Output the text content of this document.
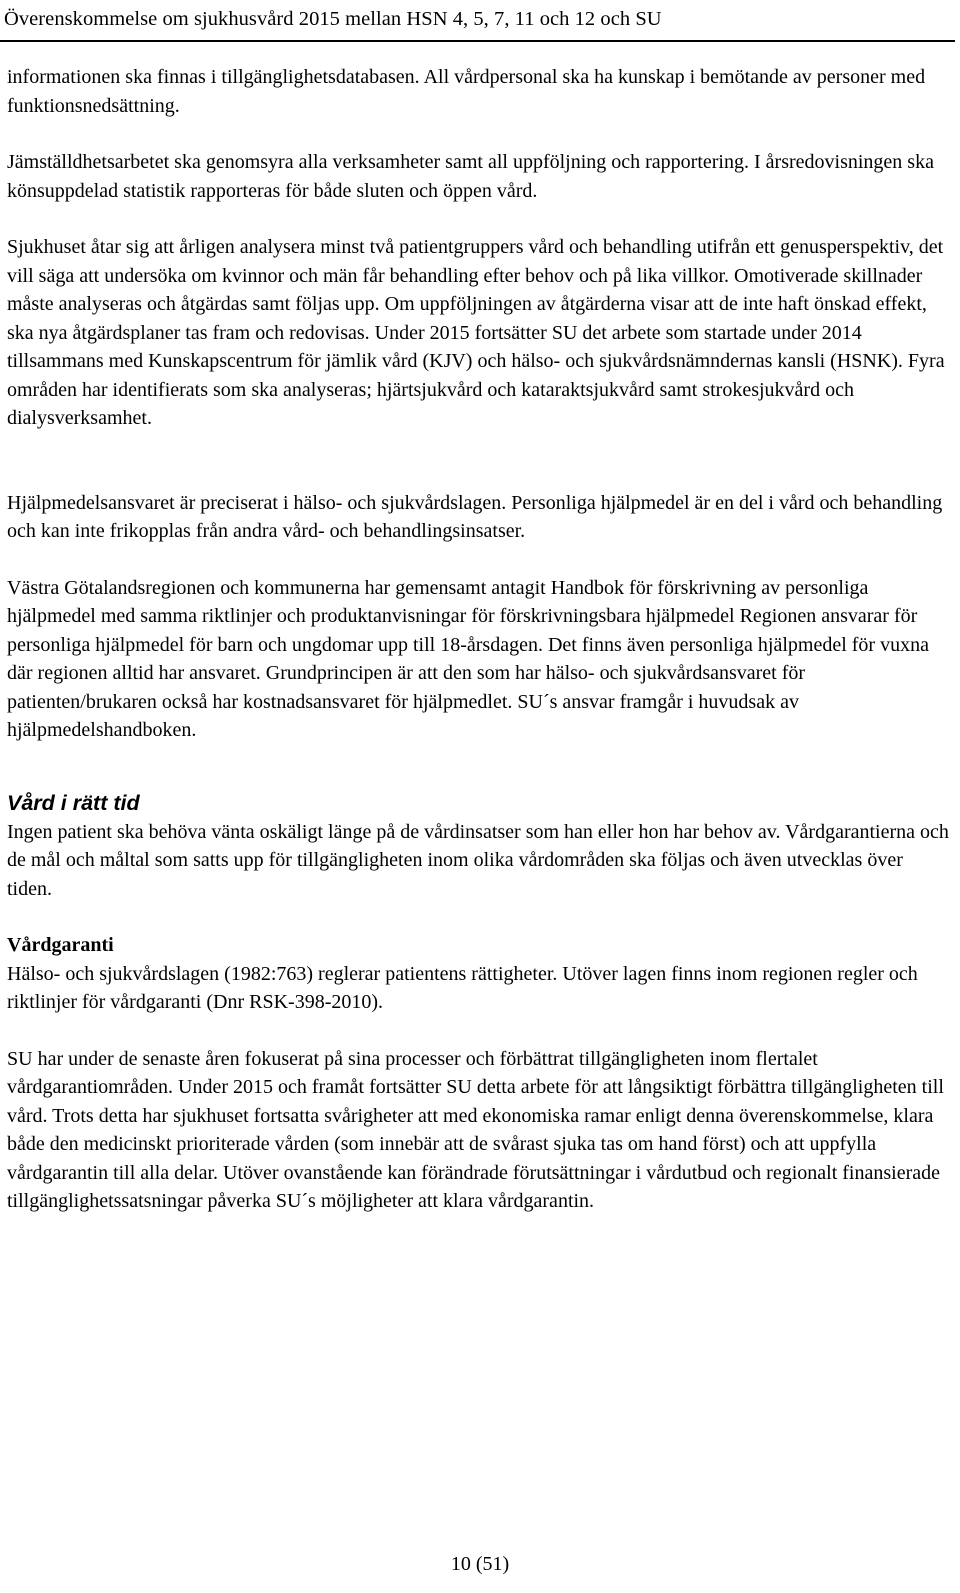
Överenskommelse om sjukhusvård 2015 mellan HSN 4, 5, 7, 11 och 12 och SU

informationen ska finnas i tillgänglighetsdatabasen. All vårdpersonal ska ha kunskap i bemötande av personer med funktionsnedsättning.

Jämställdhetsarbetet ska genomsyra alla verksamheter samt all uppföljning och rapportering. I årsredovisningen ska könsuppdelad statistik rapporteras för både sluten och öppen vård.

Sjukhuset åtar sig att årligen analysera minst två patientgruppers vård och behandling utifrån ett genusperspektiv, det vill säga att undersöka om kvinnor och män får behandling efter behov och på lika villkor. Omotiverade skillnader måste analyseras och åtgärdas samt följas upp. Om uppföljningen av åtgärderna visar att de inte haft önskad effekt, ska nya åtgärdsplaner tas fram och redovisas. Under 2015 fortsätter SU det arbete som startade under 2014 tillsammans med Kunskapscentrum för jämlik vård (KJV) och hälso- och sjukvårdsnämndernas kansli (HSNK). Fyra områden har identifierats som ska analyseras; hjärtsjukvård och kataraktsjukvård samt strokesjukvård och dialysverksamhet.

Hjälpmedelsansvaret är preciserat i hälso- och sjukvårdslagen. Personliga hjälpmedel är en del i vård och behandling och kan inte frikopplas från andra vård- och behandlingsinsatser.

Västra Götalandsregionen och kommunerna har gemensamt antagit Handbok för förskrivning av personliga hjälpmedel med samma riktlinjer och produktanvisningar för förskrivningsbara hjälpmedel Regionen ansvarar för personliga hjälpmedel för barn och ungdomar upp till 18-årsdagen. Det finns även personliga hjälpmedel för vuxna där regionen alltid har ansvaret. Grundprincipen är att den som har hälso- och sjukvårdsansvaret för patienten/brukaren också har kostnadsansvaret för hjälpmedlet. SU´s ansvar framgår i huvudsak av hjälpmedelshandboken.

Vård i rätt tid

Ingen patient ska behöva vänta oskäligt länge på de vårdinsatser som han eller hon har behov av. Vårdgarantierna och de mål och måltal som satts upp för tillgängligheten inom olika vårdområden ska följas och även utvecklas över tiden.

Vårdgaranti

Hälso- och sjukvårdslagen (1982:763) reglerar patientens rättigheter. Utöver lagen finns inom regionen regler och riktlinjer för vårdgaranti (Dnr RSK-398-2010).

SU har under de senaste åren fokuserat på sina processer och förbättrat tillgängligheten inom flertalet vårdgarantiområden. Under 2015 och framåt fortsätter SU detta arbete för att långsiktigt förbättra tillgängligheten till vård. Trots detta har sjukhuset fortsatta svårigheter att med ekonomiska ramar enligt denna överenskommelse, klara både den medicinskt prioriterade vården (som innebär att de svårast sjuka tas om hand först) och att uppfylla vårdgarantin till alla delar. Utöver ovanstående kan förändrade förutsättningar i vårdutbud och regionalt finansierade tillgänglighetssatsningar påverka SU´s möjligheter att klara vårdgarantin.

10 (51)
